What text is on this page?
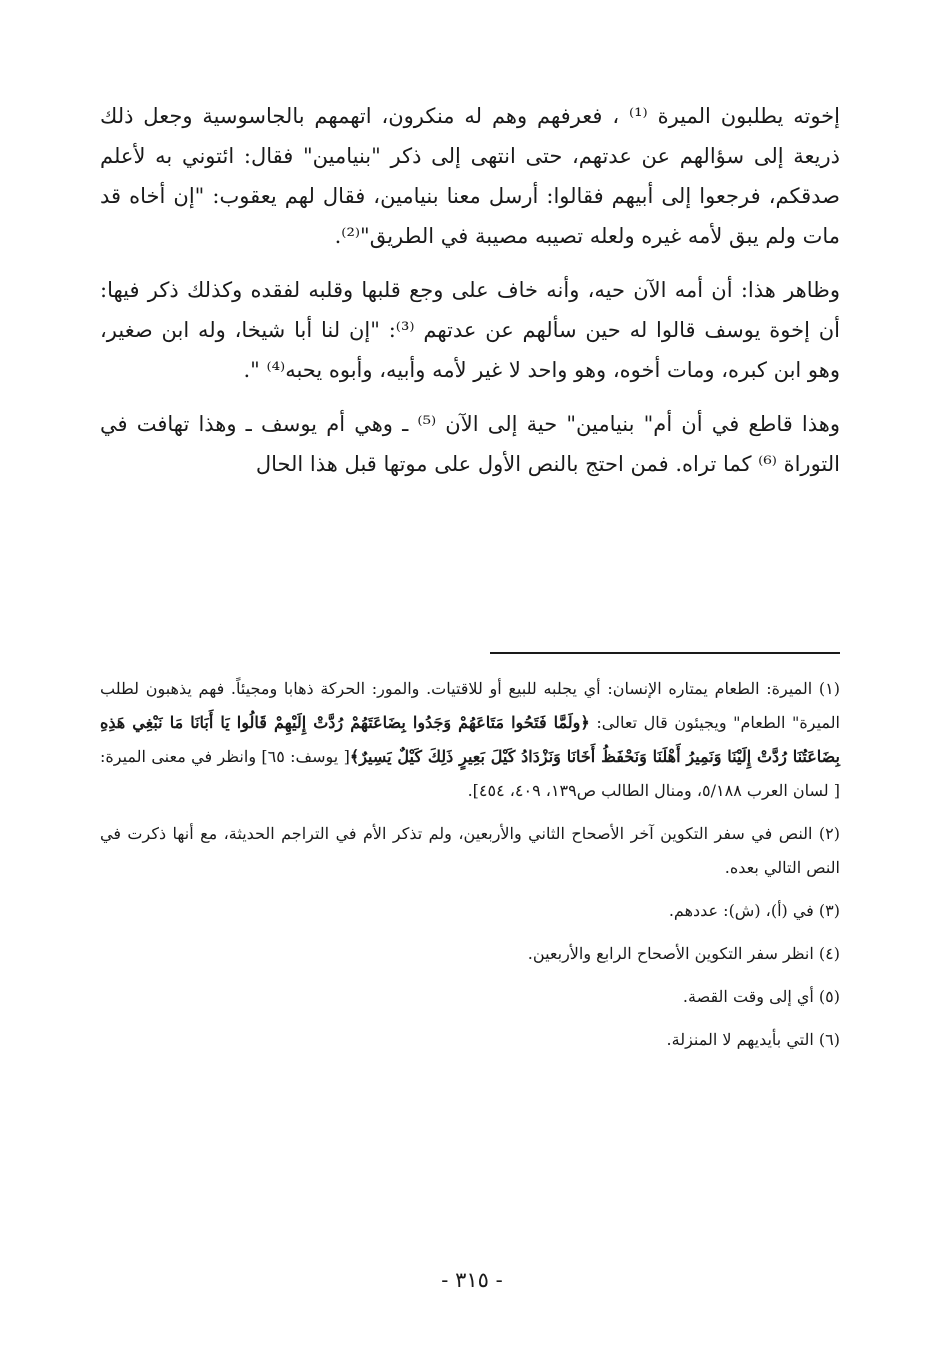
إخوته يطلبون الميرة ⁽¹⁾ ، فعرفهم وهم له منكرون، اتهمهم بالجاسوسية وجعل ذلك ذريعة إلى سؤالهم عن عدتهم، حتى انتهى إلى ذكر "بنيامين" فقال: ائتوني به لأعلم صدقكم، فرجعوا إلى أبيهم فقالوا: أرسل معنا بنيامين، فقال لهم يعقوب: "إن أخاه قد مات ولم يبق لأمه غيره ولعله تصيبه مصيبة في الطريق"⁽²⁾.

وظاهر هذا: أن أمه الآن حيه، وأنه خاف على وجع قلبها وقلبه لفقده وكذلك ذكر فيها: أن إخوة يوسف قالوا له حين سألهم عن عدتهم ⁽³⁾: "إن لنا أبا شيخا، وله ابن صغير، وهو ابن كبره، ومات أخوه، وهو واحد لا غير لأمه وأبيه، وأبوه يحبه⁽⁴⁾ ".

وهذا قاطع في أن أم" بنيامين" حية إلى الآن ⁽⁵⁾ ـ وهي أم يوسف ـ وهذا تهافت في التوراة ⁽⁶⁾ كما تراه. فمن احتج بالنص الأول على موتها قبل هذا الحال

(١) الميرة: الطعام يمتاره الإنسان: أي يجلبه للبيع أو للاقتيات. والمور: الحركة ذهابا ومجيئاً. فهم يذهبون لطلب الميرة" الطعام" ويجيئون قال تعالى: ﴿ولَمَّا فَتَحُوا مَتَاعَهُمْ وَجَدُوا بِضَاعَتَهُمْ رُدَّتْ إِلَيْهِمْ قَالُوا يَا أَبَانَا مَا نَبْغِي هَذِهِ بِضَاعَتُنَا رُدَّتْ إِلَيْنَا وَنَمِيرُ أَهْلَنَا وَنَحْفَظُ أَخَانَا وَنَزْدَادُ كَيْلَ بَعِيرٍ ذَلِكَ كَيْلٌ يَسِيرٌ﴾[ يوسف: ٦٥] وانظر في معنى الميرة: [ لسان العرب ٥/١٨٨، ومنال الطالب ص١٣٩، ٤٠٩، ٤٥٤].
(٢) النص في سفر التكوين آخر الأصحاح الثاني والأربعين، ولم تذكر الأم في التراجم الحديثة، مع أنها ذكرت في النص التالي بعده.
(٣) في (أ)، (ش): عددهم.
(٤) انظر سفر التكوين الأصحاح الرابع والأربعين.
(٥) أي إلى وقت القصة.
(٦) التي بأيديهم لا المنزلة.
- ٣١٥ -
